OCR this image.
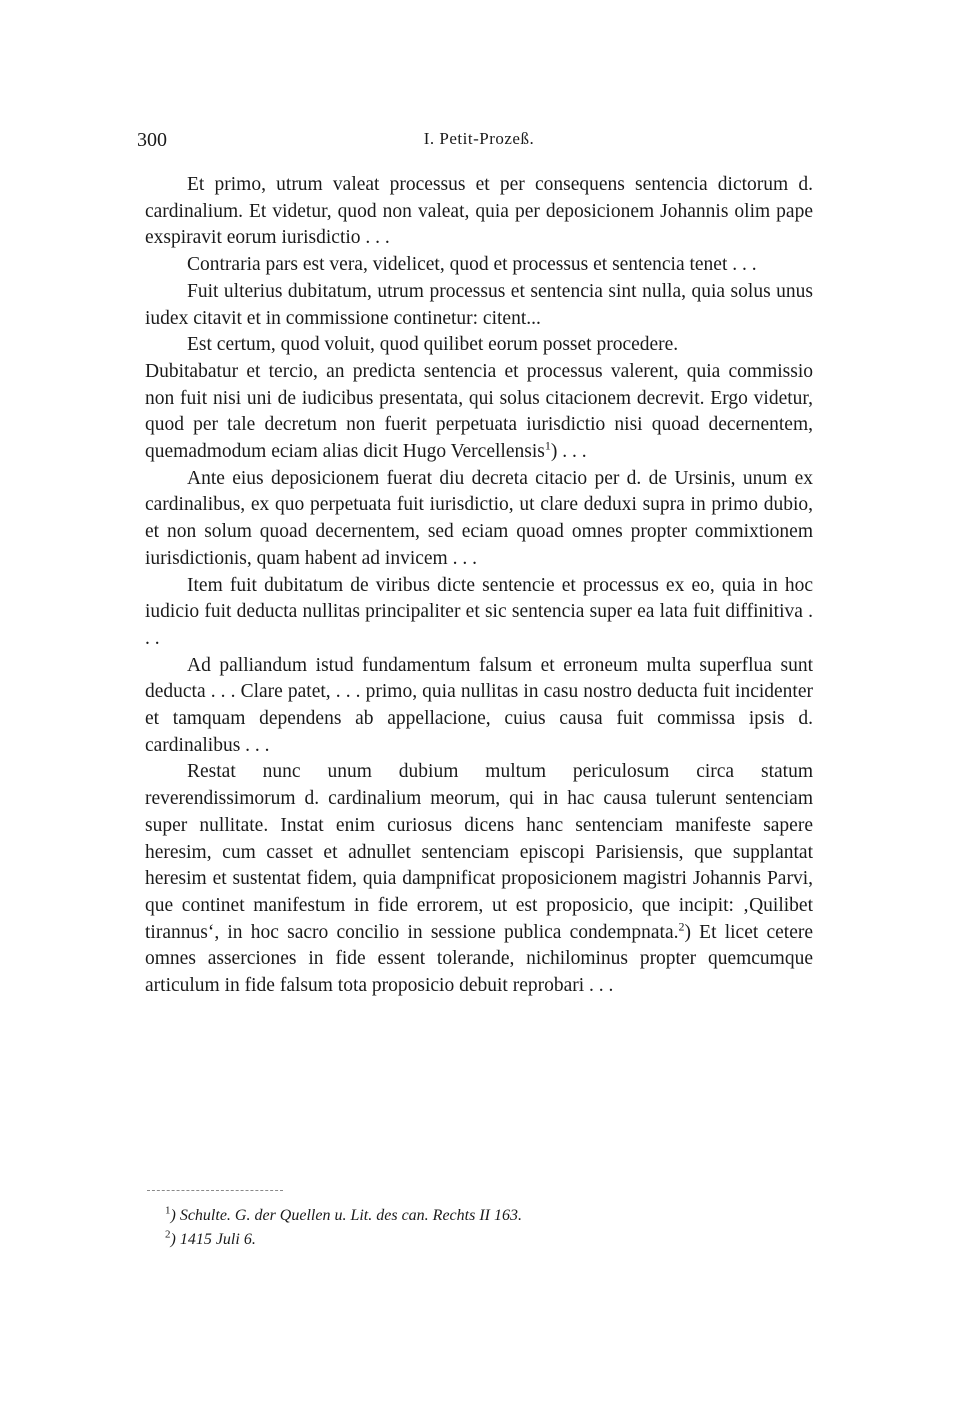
300	I. Petit-Prozeß.

Et primo, utrum valeat processus et per consequens sentencia dictorum d. cardinalium. Et videtur, quod non valeat, quia per deposicionem Johannis olim pape exspiravit eorum iurisdictio . . .

Contraria pars est vera, videlicet, quod et processus et sentencia tenet . . .

Fuit ulterius dubitatum, utrum processus et sentencia sint nulla, quia solus unus iudex citavit et in commissione continetur: citent...

Est certum, quod voluit, quod quilibet eorum posset procedere.

Dubitabatur et tercio, an predicta sentencia et processus valerent, quia commissio non fuit nisi uni de iudicibus presentata, qui solus citacionem decrevit. Ergo videtur, quod per tale decretum non fuerit perpetuata iurisdictio nisi quoad decernentem, quemadmodum eciam alias dicit Hugo Vercellensis$^1$) . . .

Ante eius deposicionem fuerat diu decreta citacio per d. de Ursinis, unum ex cardinalibus, ex quo perpetuata fuit iurisdictio, ut clare deduxi supra in primo dubio, et non solum quoad decernentem, sed eciam quoad omnes propter commixtionem iurisdictionis, quam habent ad invicem . . .

Item fuit dubitatum de viribus dicte sentencie et processus ex eo, quia in hoc iudicio fuit deducta nullitas principaliter et sic sentencia super ea lata fuit diffinitiva . . .

Ad palliandum istud fundamentum falsum et erroneum multa superflua sunt deducta . . . Clare patet, . . . primo, quia nullitas in casu nostro deducta fuit incidenter et tamquam dependens ab appellacione, cuius causa fuit commissa ipsis d. cardinalibus . . .

Restat nunc unum dubium multum periculosum circa statum reverendissimorum d. cardinalium meorum, qui in hac causa tulerunt sentenciam super nullitate. Instat enim curiosus dicens hanc sentenciam manifeste sapere heresim, cum casset et adnullet sentenciam episcopi Parisiensis, que supplantat heresim et sustentat fidem, quia dampnificat proposicionem magistri Johannis Parvi, que continet manifestum in fide errorem, ut est proposicio, que incipit: ‚Quilibet tirannus‘, in hoc sacro concilio in sessione publica condempnata.$^2$) Et licet cetere omnes asserciones in fide essent tolerande, nichilominus propter quemcumque articulum in fide falsum tota proposicio debuit reprobari . . .

$^1$) Schulte. G. der Quellen u. Lit. des can. Rechts II 163.
$^2$) 1415 Juli 6.
